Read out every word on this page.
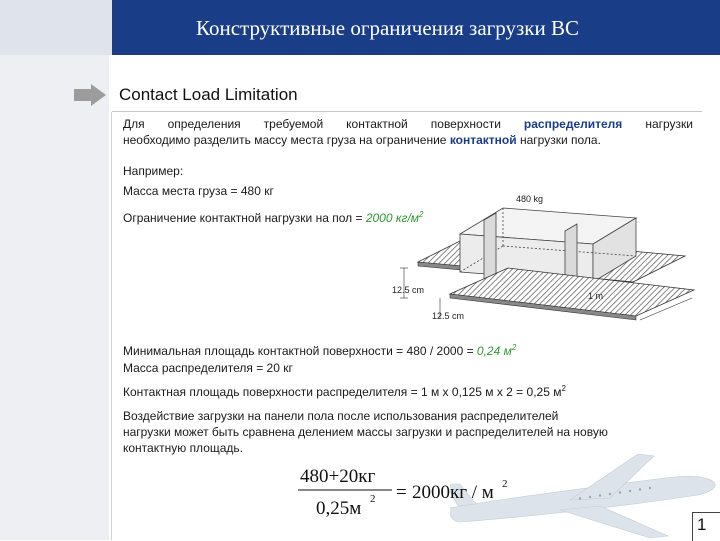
Конструктивные ограничения загрузки ВС
Contact Load Limitation
Для определения требуемой контактной поверхности распределителя нагрузки
необходимо разделить массу места груза на ограничение контактной нагрузки пола.
Например:
Масса места груза = 480 кг
Ограничение контактной нагрузки на пол = 2000 $кг/м^2$
480 kg
12.5 cm
12.5 cm
1 m
Минимальная площадь контактной поверхности = 480 / 2000 = 0,24 $м^2$
Масса распределителя = 20 кг
Контактная площадь поверхности распределителя = 1 м х 0,125 м х 2 = 0,25 $м^2$
Воздействие загрузки на панели пола после использования распределителей
нагрузки может быть сравнена делением массы загрузки и распределителей на новую
контактную площадь.
480+20кг
0,25м 2 = 2000кг / м 2
1
